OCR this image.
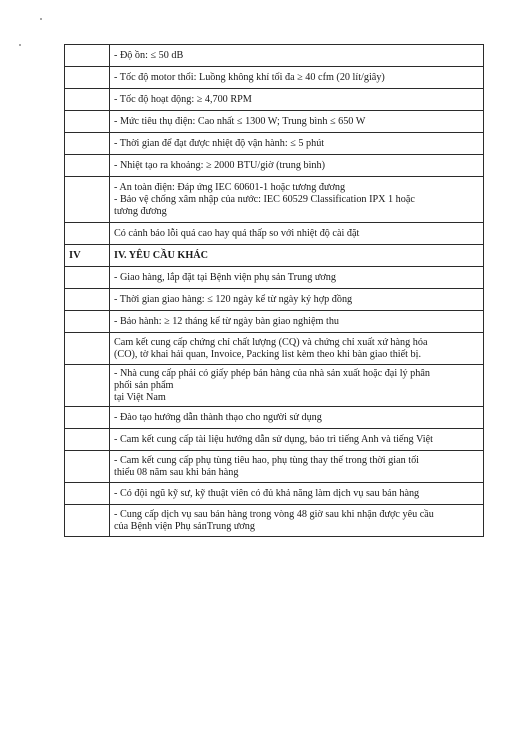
	- Độ ồn: ≤ 50 dB

	- Tốc độ motor thổi: Luồng không khí tối đa ≥ 40 cfm (20 lít/giây)

	- Tốc độ hoạt động: ≥ 4,700 RPM

	- Mức tiêu thụ điện: Cao nhất ≤ 1300 W; Trung bình ≤ 650 W

	- Thời gian để đạt được nhiệt độ vận hành: ≤ 5 phút

	- Nhiệt tạo ra khoảng: ≥ 2000 BTU/giờ (trung bình)

	- An toàn điện: Đáp ứng IEC 60601-1 hoặc tương đương
- Bảo vệ chống xâm nhập của nước: IEC 60529 Classification IPX 1 hoặc
tương đương

	Có cảnh báo lỗi quá cao hay quá thấp so với nhiệt độ cài đặt

IV	IV. YÊU CẦU KHÁC

	- Giao hàng, lắp đặt tại Bệnh viện phụ sản Trung ương

	- Thời gian giao hàng: ≤ 120 ngày kể từ ngày ký hợp đồng

	- Bảo hành: ≥ 12 tháng kể từ ngày bàn giao nghiệm thu

	Cam kết cung cấp chứng chỉ chất lượng (CQ) và chứng chỉ xuất xứ hàng hóa
(CO), tờ khai hải quan, Invoice, Packing list kèm theo khi bàn giao thiết bị.

	- Nhà cung cấp phải có giấy phép bán hàng của nhà sản xuất hoặc đại lý phân
phối sản phẩm
tại Việt Nam

	- Đào tạo hướng dẫn thành thạo cho người sử dụng

	- Cam kết cung cấp tài liệu hướng dẫn sử dụng, bảo trì tiếng Anh và tiếng Việt

	- Cam kết cung cấp phụ tùng tiêu hao, phụ tùng thay thế trong thời gian tối
thiểu 08 năm sau khi bán hàng

	- Có đội ngũ kỹ sư, kỹ thuật viên có đủ khả năng làm dịch vụ sau bán hàng

	- Cung cấp dịch vụ sau bán hàng trong vòng 48 giờ sau khi nhận được yêu cầu
của Bệnh viện Phụ sảnTrung ương
